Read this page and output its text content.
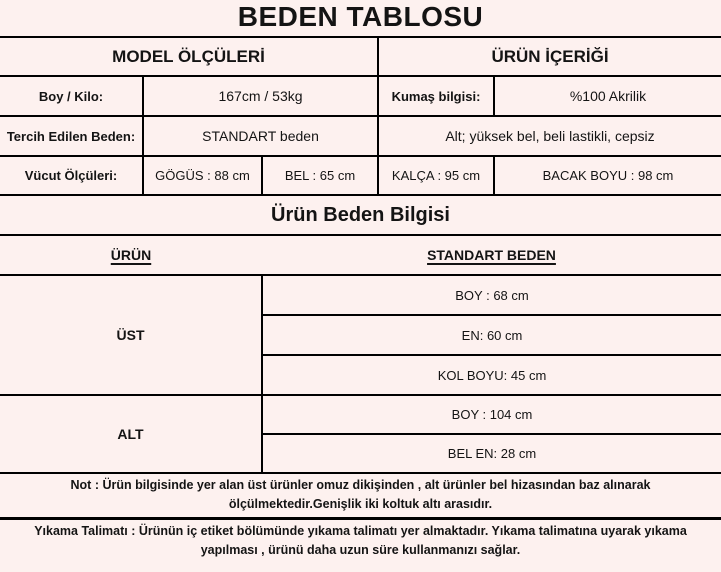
BEDEN TABLOSU
MODEL ÖLÇÜLERİ			ÜRÜN İÇERİĞİ	
Boy / Kilo:	167cm / 53kg		Kumaş bilgisi:	%100 Akrilik
Tercih Edilen Beden:	STANDART beden		Alt; yüksek bel, beli lastikli, cepsiz	
Vücut Ölçüleri:	GÖGÜS : 88 cm	BEL : 65 cm	KALÇA : 95 cm	BACAK BOYU : 98 cm
Ürün Beden Bilgisi				
ÜRÜN		STANDART BEDEN		
ÜST		BOY : 68 cm		
		EN: 60 cm		
		KOL BOYU: 45 cm		
ALT		BOY : 104 cm		
		BEL EN: 28 cm		
Not : Ürün bilgisinde yer alan üst ürünler omuz dikişinden , alt ürünler bel hizasından baz alınarak ölçülmektedir.Genişlik iki koltuk altı arasıdır.				
Yıkama Talimatı : Ürünün iç etiket bölümünde yıkama talimatı yer almaktadır. Yıkama talimatına uyarak yıkama yapılması , ürünü daha uzun süre kullanmanızı sağlar.				
